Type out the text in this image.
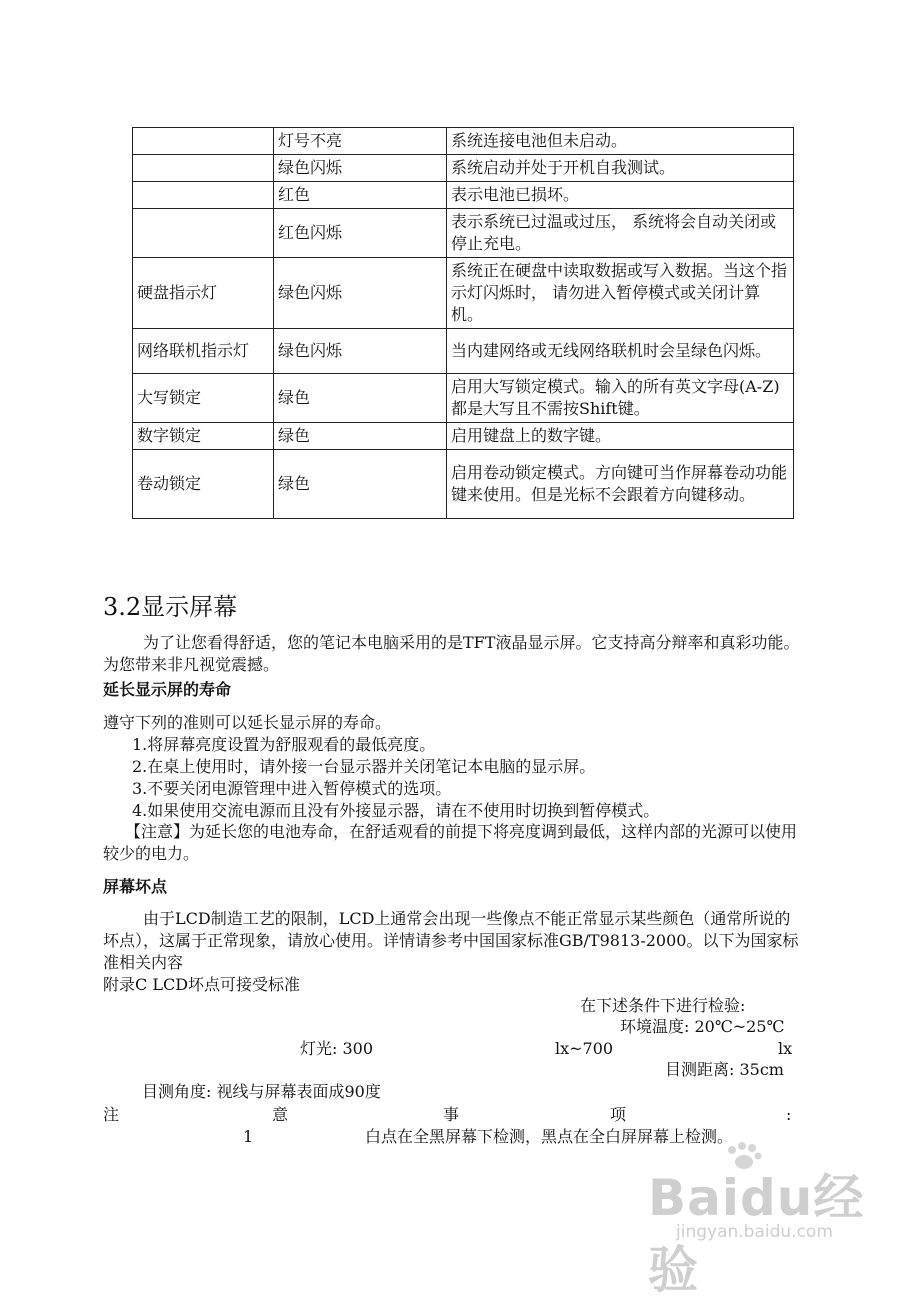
	灯号不亮	系统连接电池但未启动。
	绿色闪烁	系统启动并处于开机自我测试。
	红色	表示电池已损坏。
	红色闪烁	表示系统已过温或过压， 系统将会自动关闭或停止充电。
硬盘指示灯	绿色闪烁	系统正在硬盘中读取数据或写入数据。当这个指示灯闪烁时， 请勿进入暂停模式或关闭计算机。
网络联机指示灯	绿色闪烁	当内建网络或无线网络联机时会呈绿色闪烁。
大写锁定	绿色	启用大写锁定模式。输入的所有英文字母(A-Z)都是大写且不需按Shift键。
数字锁定	绿色	启用键盘上的数字键。
卷动锁定	绿色	启用卷动锁定模式。方向键可当作屏幕卷动功能键来使用。但是光标不会跟着方向键移动。
3.2显示屏幕
为了让您看得舒适，您的笔记本电脑采用的是TFT液晶显示屏。它支持高分辩率和真彩功能。为您带来非凡视觉震撼。
延长显示屏的寿命
遵守下列的准则可以延长显示屏的寿命。
1.将屏幕亮度设置为舒服观看的最低亮度。
2.在桌上使用时，请外接一台显示器并关闭笔记本电脑的显示屏。
3.不要关闭电源管理中进入暂停模式的选项。
4.如果使用交流电源而且没有外接显示器，请在不使用时切换到暂停模式。
【注意】为延长您的电池寿命，在舒适观看的前提下将亮度调到最低，这样内部的光源可以使用较少的电力。
屏幕坏点
由于LCD制造工艺的限制，LCD上通常会出现一些像点不能正常显示某些颜色（通常所说的坏点），这属于正常现象，请放心使用。详情请参考中国国家标准GB/T9813-2000。以下为国家标准相关内容
附录C LCD坏点可接受标准
在下述条件下进行检验:
环境温度: 20℃~25℃
灯光: 300	lx~700	lx
目测距离: 35cm
目测角度: 视线与屏幕表面成90度
注	意	事	项	:
1	白点在全黑屏幕下检测，黑点在全白屏屏幕上检测。
Baidu经验
jingyan.baidu.com
